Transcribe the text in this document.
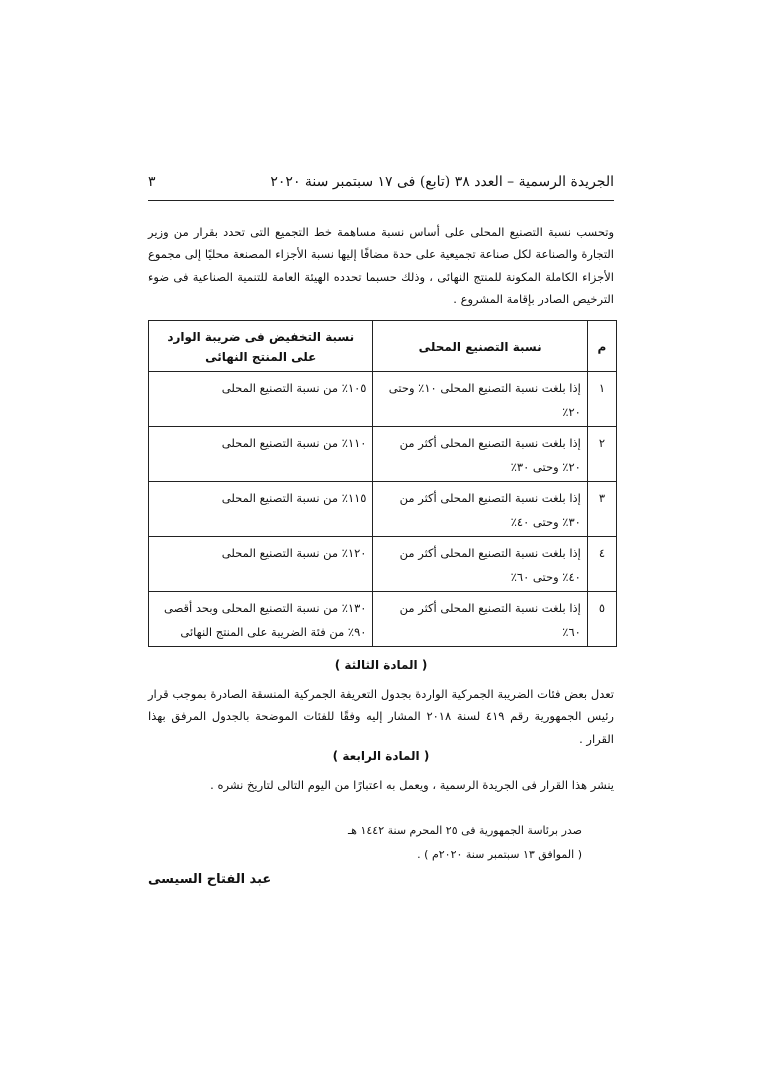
الجريدة الرسمية – العدد ٣٨ (تابع) فى ١٧ سبتمبر سنة ٢٠٢٠
٣

وتحسب نسبة التصنيع المحلى على أساس نسبة مساهمة خط التجميع التى تحدد بقرار من وزير التجارة والصناعة لكل صناعة تجميعية على حدة مضافًا إليها نسبة الأجزاء المصنعة محليًا إلى مجموع الأجزاء الكاملة المكونة للمنتج النهائى ، وذلك حسبما تحدده الهيئة العامة للتنمية الصناعية فى ضوء الترخيص الصادر بإقامة المشروع .

م	نسبة التصنيع المحلى	نسبة التخفيض فى ضريبة الوارد على المنتج النهائى
١	إذا بلغت نسبة التصنيع المحلى ١٠٪ وحتى ٢٠٪	١٠٥٪ من نسبة التصنيع المحلى
٢	إذا بلغت نسبة التصنيع المحلى أكثر من ٢٠٪ وحتى ٣٠٪	١١٠٪ من نسبة التصنيع المحلى
٣	إذا بلغت نسبة التصنيع المحلى أكثر من ٣٠٪ وحتى ٤٠٪	١١٥٪ من نسبة التصنيع المحلى
٤	إذا بلغت نسبة التصنيع المحلى أكثر من ٤٠٪ وحتى ٦٠٪	١٢٠٪ من نسبة التصنيع المحلى
٥	إذا بلغت نسبة التصنيع المحلى أكثر من ٦٠٪	١٣٠٪ من نسبة التصنيع المحلى وبحد أقصى ٩٠٪ من فئة الضريبة على المنتج النهائى
( المادة الثالثة )

تعدل بعض فئات الضريبة الجمركية الواردة بجدول التعريفة الجمركية المنسقة الصادرة بموجب قرار رئيس الجمهورية رقم ٤١٩ لسنة ٢٠١٨ المشار إليه وفقًا للفئات الموضحة بالجدول المرفق بهذا القرار .

( المادة الرابعة )

ينشر هذا القرار فى الجريدة الرسمية ، ويعمل به اعتبارًا من اليوم التالى لتاريخ نشره .

صدر برئاسة الجمهورية فى ٢٥ المحرم سنة ١٤٤٢ هـ
( الموافق ١٣ سبتمبر سنة ٢٠٢٠م ) .
عبد الفتاح السيسى
